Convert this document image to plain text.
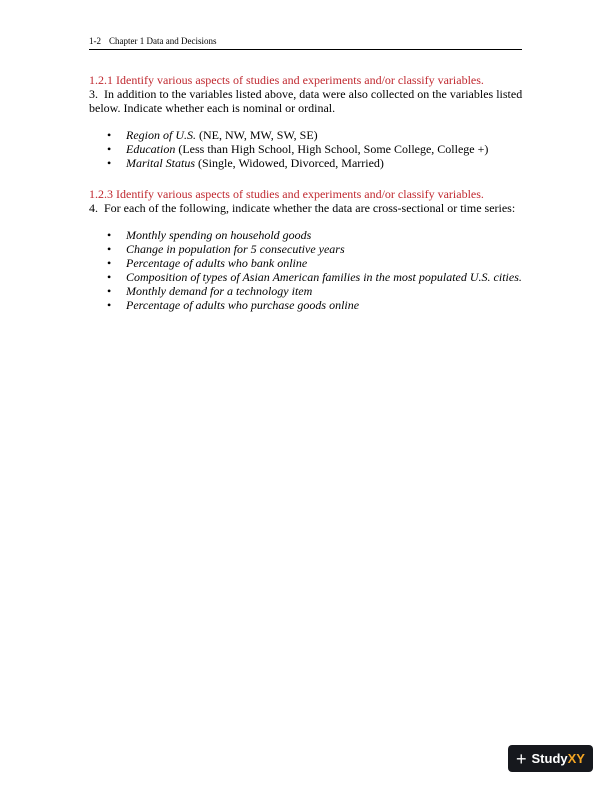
1-2 Chapter 1 Data and Decisions
1.2.1 Identify various aspects of studies and experiments and/or classify variables.

3. In addition to the variables listed above, data were also collected on the variables listed below. Indicate whether each is nominal or ordinal.

• Region of U.S. (NE, NW, MW, SW, SE)
• Education (Less than High School, High School, Some College, College +)
• Marital Status (Single, Widowed, Divorced, Married)
1.2.3 Identify various aspects of studies and experiments and/or classify variables.

4. For each of the following, indicate whether the data are cross-sectional or time series:

• Monthly spending on household goods
• Change in population for 5 consecutive years
• Percentage of adults who bank online
• Composition of types of Asian American families in the most populated U.S. cities.
• Monthly demand for a technology item
• Percentage of adults who purchase goods online
+ Study XY
